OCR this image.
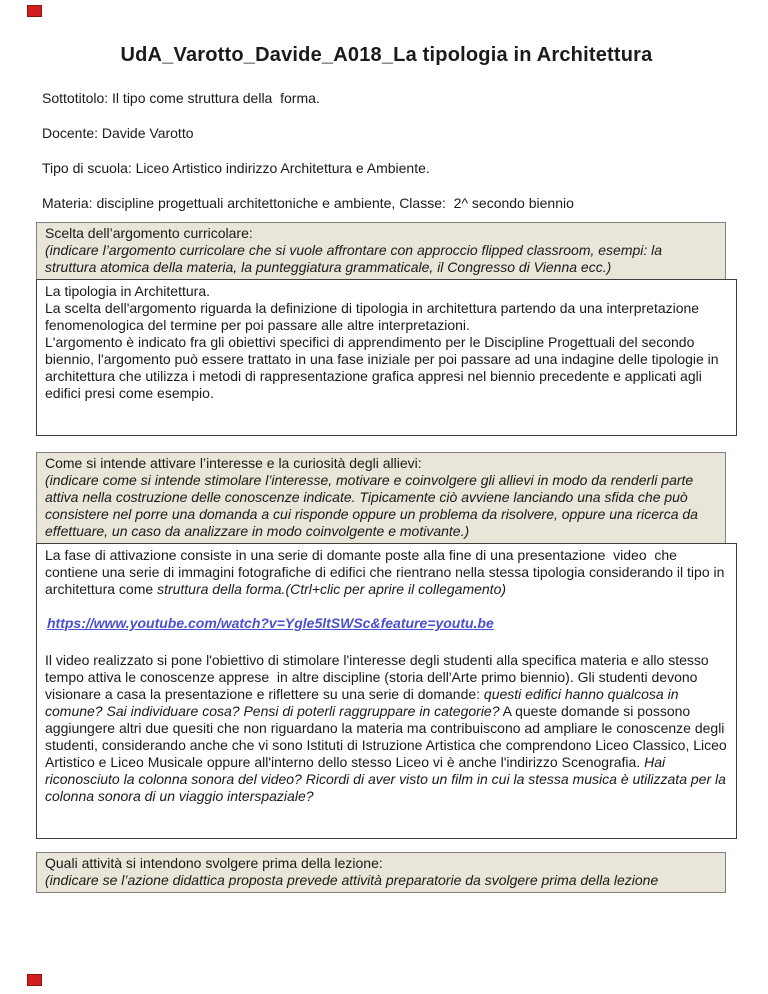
UdA_Varotto_Davide_A018_La tipologia in Architettura

Sottotitolo: Il tipo come struttura della  forma.

Docente: Davide Varotto

Tipo di scuola: Liceo Artistico indirizzo Architettura e Ambiente.

Materia: discipline progettuali architettoniche e ambiente, Classe:  2^ secondo biennio

Scelta dell’argomento curricolare:
(indicare l’argomento curricolare che si vuole affrontare con approccio flipped classroom, esempi: la struttura atomica della materia, la punteggiatura grammaticale, il Congresso di Vienna ecc.)
La tipologia in Architettura.
La scelta dell'argomento riguarda la definizione di tipologia in architettura partendo da una interpretazione  fenomenologica del termine per poi passare alle altre interpretazioni.
L'argomento è indicato fra gli obiettivi specifici di apprendimento per le Discipline Progettuali del secondo biennio, l'argomento può essere trattato in una fase iniziale per poi passare ad una indagine delle tipologie in architettura che utilizza i metodi di rappresentazione grafica appresi nel biennio precedente e applicati agli edifici presi come esempio.
Come si intende attivare l’interesse e la curiosità degli allievi:
(indicare come si intende stimolare l’interesse, motivare e coinvolgere gli allievi in modo da renderli parte attiva nella costruzione delle conoscenze indicate. Tipicamente ciò avviene lanciando una sfida che può consistere nel porre una domanda a cui risponde oppure un problema da risolvere, oppure una ricerca da effettuare, un caso da analizzare in modo coinvolgente e motivante.)
La fase di attivazione consiste in una serie di domante poste alla fine di una presentazione  video  che contiene una serie di immagini fotografiche di edifici che rientrano nella stessa tipologia considerando il tipo in architettura come struttura della forma.(Ctrl+clic per aprire il collegamento)
https://www.youtube.com/watch?v=Ygle5ltSWSc&feature=youtu.be
Il video realizzato si pone l'obiettivo di stimolare l'interesse degli studenti alla specifica materia e allo stesso tempo attiva le conoscenze apprese  in altre discipline (storia dell'Arte primo biennio). Gli studenti devono visionare a casa la presentazione e riflettere su una serie di domande: questi edifici hanno qualcosa in comune? Sai individuare cosa? Pensi di poterli raggruppare in categorie? A queste domande si possono aggiungere altri due quesiti che non riguardano la materia ma contribuiscono ad ampliare le conoscenze degli studenti, considerando anche che vi sono Istituti di Istruzione Artistica che comprendono Liceo Classico, Liceo Artistico e Liceo Musicale oppure all'interno dello stesso Liceo vi è anche l'indirizzo Scenografia. Hai riconosciuto la colonna sonora del video? Ricordi di aver visto un film in cui la stessa musica è utilizzata per la colonna sonora di un viaggio interspaziale?
Quali attività si intendono svolgere prima della lezione:
(indicare se l’azione didattica proposta prevede attività preparatorie da svolgere prima della lezione
